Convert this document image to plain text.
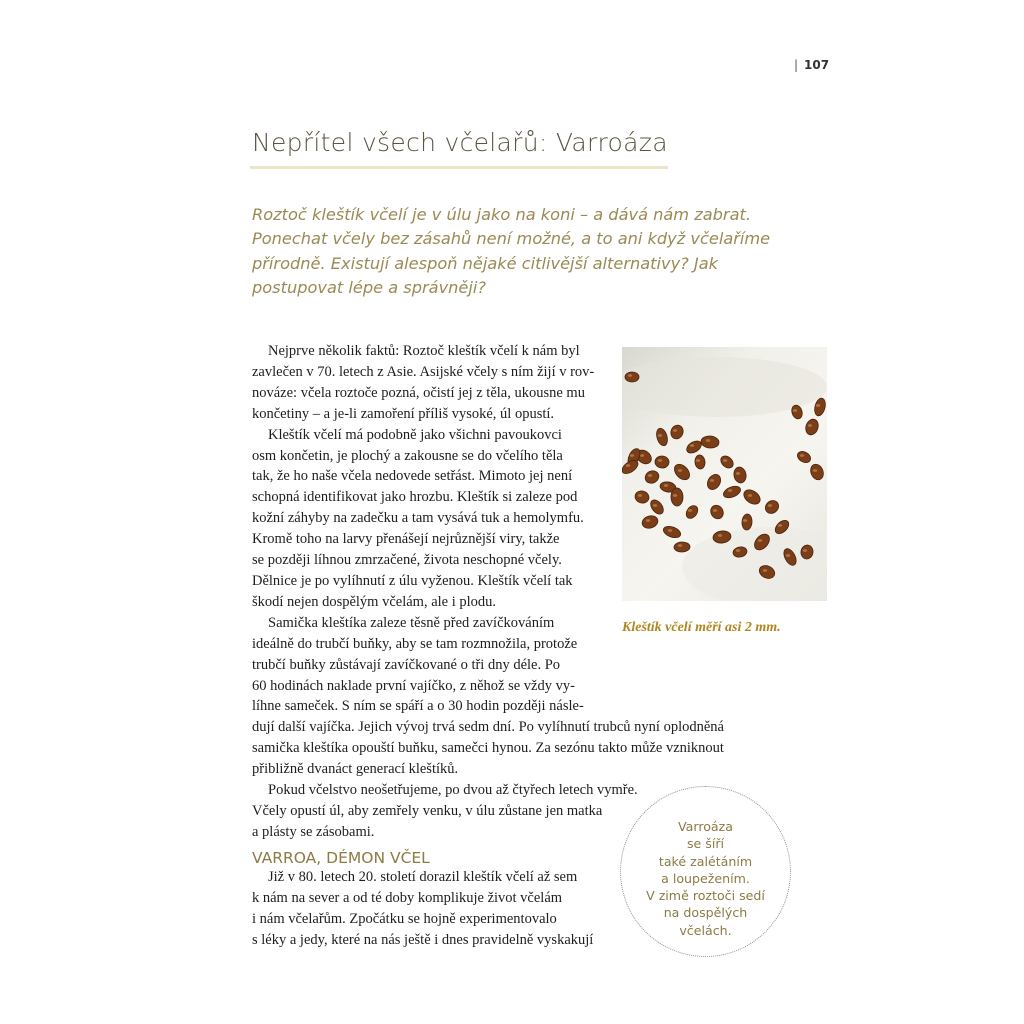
| 107
Nepřítel všech včelařů: Varroáza

Roztoč kleštík včelí je v úlu jako na koni – a dává nám zabrat.

Ponechat včely bez zásahů není možné, a to ani když včelaříme

přírodně. Existují alespoň nějaké citlivější alternativy? Jak

postupovat lépe a správněji?

Nejprve několik faktů: Roztoč kleštík včelí k nám byl

zavlečen v 70. letech z Asie. Asijské včely s ním žijí v rov-

nováze: včela roztoče pozná, očistí jej z těla, ukousne mu

končetiny – a je-li zamoření příliš vysoké, úl opustí.

Kleštík včelí má podobně jako všichni pavoukovci

osm končetin, je plochý a zakousne se do včelího těla

tak, že ho naše včela nedovede setřást. Mimoto jej není

schopná identifikovat jako hrozbu. Kleštík si zaleze pod

kožní záhyby na zadečku a tam vysává tuk a hemolymfu.

Kromě toho na larvy přenášejí nejrůznější viry, takže

se později líhnou zmrzačené, života neschopné včely.

Dělnice je po vylíhnutí z úlu vyženou. Kleštík včelí tak

škodí nejen dospělým včelám, ale i plodu.

Samička kleštíka zaleze těsně před zavíčkováním

ideálně do trubčí buňky, aby se tam rozmnožila, protože

trubčí buňky zůstávají zavíčkované o tři dny déle. Po

60 hodinách naklade první vajíčko, z něhož se vždy vy-

líhne sameček. S ním se spáří a o 30 hodin později násle-

dují další vajíčka. Jejich vývoj trvá sedm dní. Po vylíhnutí trubců nyní oplodněná

samička kleštíka opouští buňku, samečci hynou. Za sezónu takto může vzniknout

přibližně dvanáct generací kleštíků.

Pokud včelstvo neošetřujeme, po dvou až čtyřech letech vymře.

Včely opustí úl, aby zemřely venku, v úlu zůstane jen matka

a plásty se zásobami.

Kleštík včelí měří asi 2 mm.
VARROA, DÉMON VČEL

Již v 80. letech 20. století dorazil kleštík včelí až sem

k nám na sever a od té doby komplikuje život včelám

i nám včelařům. Zpočátku se hojně experimentovalo

s léky a jedy, které na nás ještě i dnes pravidelně vyskakují

Varroáza

se šíří

také zalétáním

a loupežením.

V zimě roztoči sedí

na dospělých

včelách.
